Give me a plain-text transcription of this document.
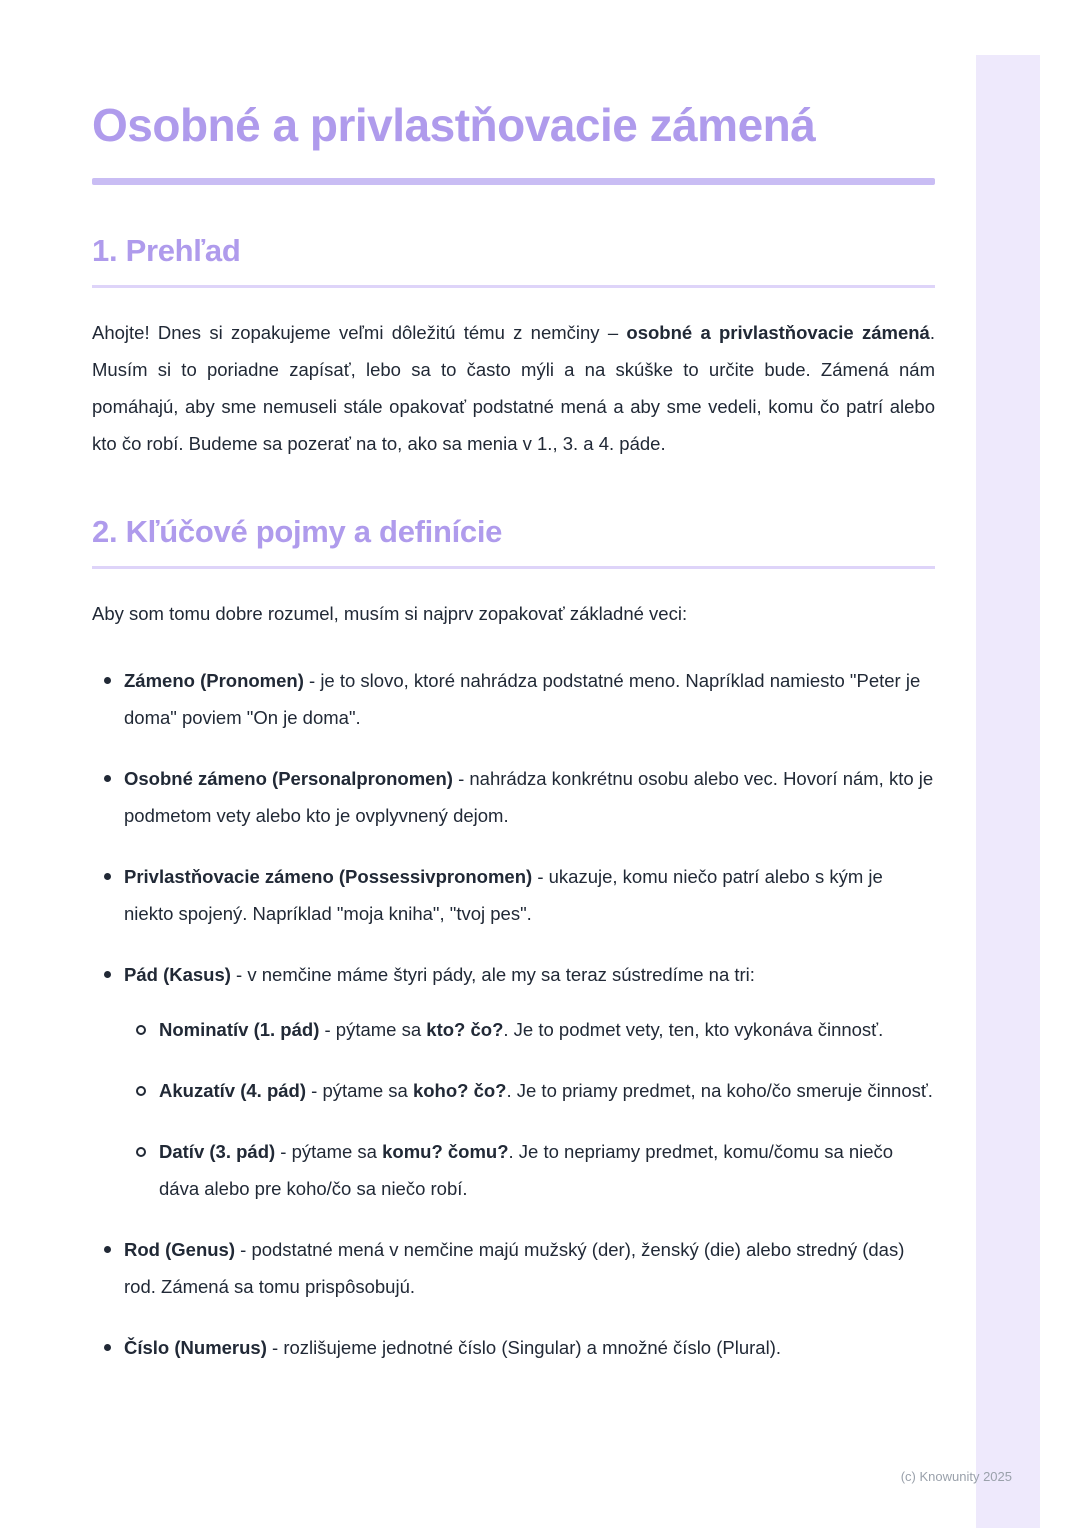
Osobné a privlastňovacie zámená
1. Prehľad

Ahojte! Dnes si zopakujeme veľmi dôležitú tému z nemčiny – osobné a privlastňovacie zámená. Musím si to poriadne zapísať, lebo sa to často mýli a na skúške to určite bude. Zámená nám pomáhajú, aby sme nemuseli stále opakovať podstatné mená a aby sme vedeli, komu čo patrí alebo kto čo robí. Budeme sa pozerať na to, ako sa menia v 1., 3. a 4. páde.

2. Kľúčové pojmy a definície

Aby som tomu dobre rozumel, musím si najprv zopakovať základné veci:

Zámeno (Pronomen) - je to slovo, ktoré nahrádza podstatné meno. Napríklad namiesto "Peter je doma" poviem "On je doma".
Osobné zámeno (Personalpronomen) - nahrádza konkrétnu osobu alebo vec. Hovorí nám, kto je podmetom vety alebo kto je ovplyvnený dejom.
Privlastňovacie zámeno (Possessivpronomen) - ukazuje, komu niečo patrí alebo s kým je niekto spojený. Napríklad "moja kniha", "tvoj pes".
Pád (Kasus) - v nemčine máme štyri pády, ale my sa teraz sústredíme na tri:
Nominatív (1. pád) - pýtame sa kto? čo?. Je to podmet vety, ten, kto vykonáva činnosť.
Akuzatív (4. pád) - pýtame sa koho? čo?. Je to priamy predmet, na koho/čo smeruje činnosť.
Datív (3. pád) - pýtame sa komu? čomu?. Je to nepriamy predmet, komu/čomu sa niečo dáva alebo pre koho/čo sa niečo robí.
Rod (Genus) - podstatné mená v nemčine majú mužský (der), ženský (die) alebo stredný (das) rod. Zámená sa tomu prispôsobujú.
Číslo (Numerus) - rozlišujeme jednotné číslo (Singular) a množné číslo (Plural).
(c) Knowunity 2025
